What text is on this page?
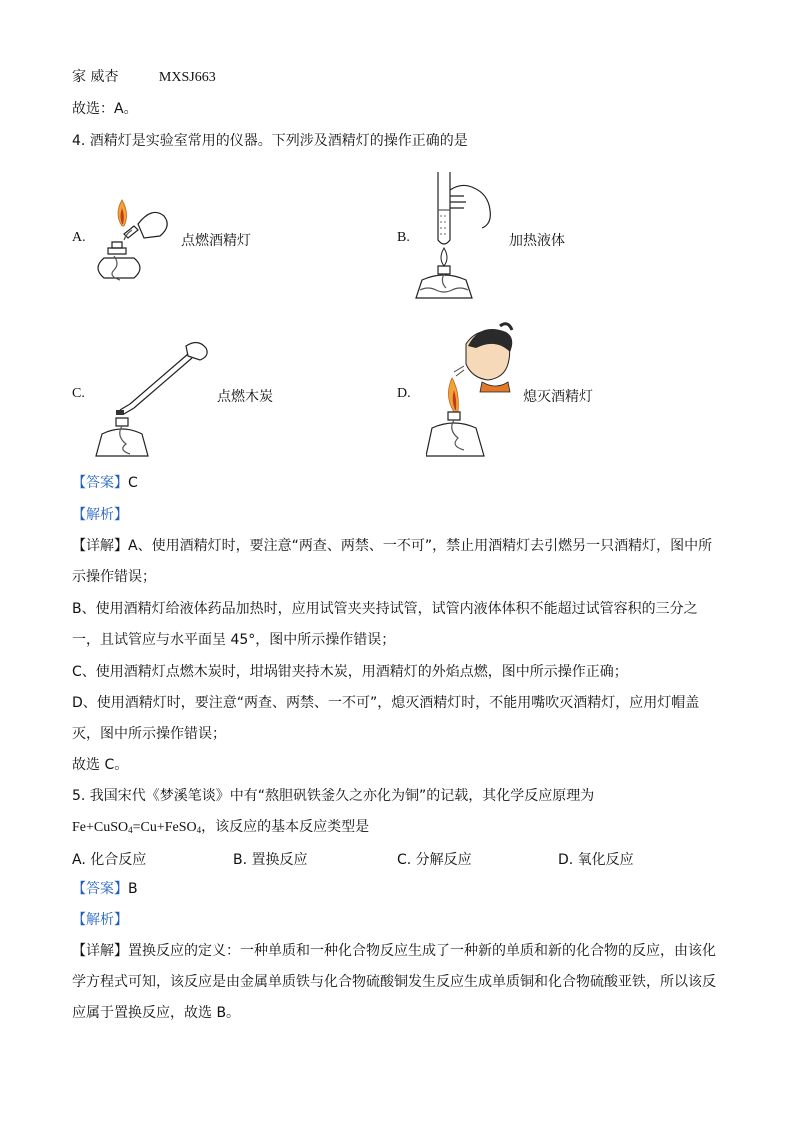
家 威杏	MXSJ663
故选：A。
4. 酒精灯是实验室常用的仪器。下列涉及酒精灯的操作正确的是
A.	点燃酒精灯	B.	加热液体
C.	点燃木炭	D.	熄灭酒精灯
【答案】C
【解析】
【详解】A、使用酒精灯时，要注意“两查、两禁、一不可”，禁止用酒精灯去引燃另一只酒精灯，图中所
示操作错误；
B、使用酒精灯给液体药品加热时，应用试管夹夹持试管，试管内液体体积不能超过试管容积的三分之
一，且试管应与水平面呈 45°，图中所示操作错误；
C、使用酒精灯点燃木炭时，坩埚钳夹持木炭，用酒精灯的外焰点燃，图中所示操作正确；
D、使用酒精灯时，要注意“两查、两禁、一不可”，熄灭酒精灯时，不能用嘴吹灭酒精灯，应用灯帽盖
灭，图中所示操作错误；
故选 C。
5. 我国宋代《梦溪笔谈》中有“熬胆矾铁釜久之亦化为铜”的记载，其化学反应原理为
Fe+CuSO$_4$=Cu+FeSO$_4$，该反应的基本反应类型是
A. 化合反应	B. 置换反应	C. 分解反应	D. 氧化反应
【答案】B
【解析】
【详解】置换反应的定义：一种单质和一种化合物反应生成了一种新的单质和新的化合物的反应，由该化
学方程式可知，该反应是由金属单质铁与化合物硫酸铜发生反应生成单质铜和化合物硫酸亚铁，所以该反
应属于置换反应，故选 B。
